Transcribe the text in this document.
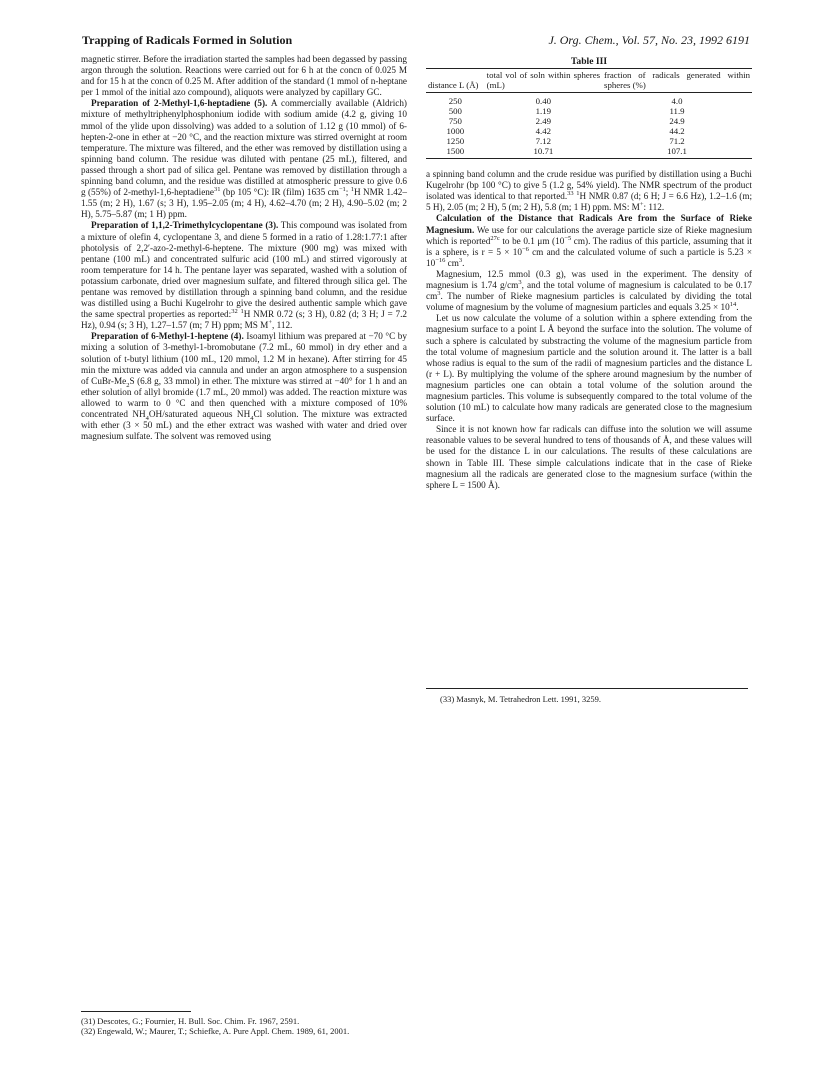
Trapping of Radicals Formed in Solution	J. Org. Chem., Vol. 57, No. 23, 1992 6191

magnetic stirrer. Before the irradiation started the samples had been degassed by passing argon through the solution. Reactions were carried out for 6 h at the concn of 0.025 M and for 15 h at the concn of 0.25 M. After addition of the standard (1 mmol of n-heptane per 1 mmol of the initial azo compound), aliquots were analyzed by capillary GC.

Preparation of 2-Methyl-1,6-heptadiene (5). A commercially available (Aldrich) mixture of methyltriphenylphosphonium iodide with sodium amide (4.2 g, giving 10 mmol of the ylide upon dissolving) was added to a solution of 1.12 g (10 mmol) of 6-hepten-2-one in ether at −20 °C, and the reaction mixture was stirred overnight at room temperature. The mixture was filtered, and the ether was removed by distillation using a spinning band column. The residue was diluted with pentane (25 mL), filtered, and passed through a short pad of silica gel. Pentane was removed by distillation through a spinning band column, and the residue was distilled at atmospheric pressure to give 0.6 g (55%) of 2-methyl-1,6-heptadiene$^{31}$ (bp 105 °C): IR (film) 1635 $cm^{-1}$; $^1$H NMR 1.42–1.55 (m; 2 H), 1.67 (s; 3 H), 1.95–2.05 (m; 4 H), 4.62–4.70 (m; 2 H), 4.90–5.02 (m; 2 H), 5.75–5.87 (m; 1 H) ppm.

Preparation of 1,1,2-Trimethylcyclopentane (3). This compound was isolated from a mixture of olefin 4, cyclopentane 3, and diene 5 formed in a ratio of 1.28:1.77:1 after photolysis of 2,2′-azo-2-methyl-6-heptene. The mixture (900 mg) was mixed with pentane (100 mL) and concentrated sulfuric acid (100 mL) and stirred vigorously at room temperature for 14 h. The pentane layer was separated, washed with a solution of potassium carbonate, dried over magnesium sulfate, and filtered through silica gel. The pentane was removed by distillation through a spinning band column, and the residue was distilled using a Buchi Kugelrohr to give the desired authentic sample which gave the same spectral properties as reported:$^{32}$ $^1$H NMR 0.72 (s; 3 H), 0.82 (d; 3 H; J = 7.2 Hz), 0.94 (s; 3 H), 1.27–1.57 (m; 7 H) ppm; MS M+, 112.

Preparation of 6-Methyl-1-heptene (4). Isoamyl lithium was prepared at −70 °C by mixing a solution of 3-methyl-1-bromobutane (7.2 mL, 60 mmol) in dry ether and a solution of t-butyl lithium (100 mL, 120 mmol, 1.2 M in hexane). After stirring for 45 min the mixture was added via cannula and under an argon atmosphere to a suspension of CuBr-$Me_2S$ (6.8 g, 33 mmol) in ether. The mixture was stirred at −40° for 1 h and an ether solution of allyl bromide (1.7 mL, 20 mmol) was added. The reaction mixture was allowed to warm to 0 °C and then quenched with a mixture composed of 10% concentrated $NH_4OH$/saturated aqueous $NH_4Cl$ solution. The mixture was extracted with ether (3 × 50 mL) and the ether extract was washed with water and dried over magnesium sulfate. The solvent was removed using

(31) Descotes, G.; Fournier, H. Bull. Soc. Chim. Fr. 1967, 2591.

(32) Engewald, W.; Maurer, T.; Schiefke, A. Pure Appl. Chem. 1989, 61, 2001.

Table III
distance L (Å)	total vol of soln within spheres (mL)	fraction of radicals generated within spheres (%)
250	0.40	4.0
500	1.19	11.9
750	2.49	24.9
1000	4.42	44.2
1250	7.12	71.2
1500	10.71	107.1

a spinning band column and the crude residue was purified by distillation using a Buchi Kugelrohr (bp 100 °C) to give 5 (1.2 g, 54% yield). The NMR spectrum of the product isolated was identical to that reported.$^{33}$ $^1$H NMR 0.87 (d; 6 H; J = 6.6 Hz), 1.2–1.6 (m; 5 H), 2.05 (m; 2 H), 5 (m; 2 H), 5.8 (m; 1 H) ppm. MS: M+: 112.

Calculation of the Distance that Radicals Are from the Surface of Rieke Magnesium. We use for our calculations the average particle size of Rieke magnesium which is reported$^{27c}$ to be 0.1 μm ($10^{-5}$ cm). The radius of this particle, assuming that it is a sphere, is $r = 5 \times 10^{-6}$ cm and the calculated volume of such a particle is $5.23 \times 10^{-16}$ $cm^3$.

Magnesium, 12.5 mmol (0.3 g), was used in the experiment. The density of magnesium is 1.74 $g/cm^3$, and the total volume of magnesium is calculated to be 0.17 $cm^3$. The number of Rieke magnesium particles is calculated by dividing the total volume of magnesium by the volume of magnesium particles and equals $3.25 \times 10^{14}$.

Let us now calculate the volume of a solution within a sphere extending from the magnesium surface to a point L Å beyond the surface into the solution. The volume of such a sphere is calculated by substracting the volume of the magnesium particle from the total volume of magnesium particle and the solution around it. The latter is a ball whose radius is equal to the sum of the radii of magnesium particles and the distance L (r + L). By multiplying the volume of the sphere around magnesium by the number of magnesium particles one can obtain a total volume of the solution around the magnesium particles. This volume is subsequently compared to the total volume of the solution (10 mL) to calculate how many radicals are generated close to the magnesium surface.

Since it is not known how far radicals can diffuse into the solution we will assume reasonable values to be several hundred to tens of thousands of Å, and these values will be used for the distance L in our calculations. The results of these calculations are shown in Table III. These simple calculations indicate that in the case of Rieke magnesium all the radicals are generated close to the magnesium surface (within the sphere L = 1500 Å).

(33) Masnyk, M. Tetrahedron Lett. 1991, 3259.
